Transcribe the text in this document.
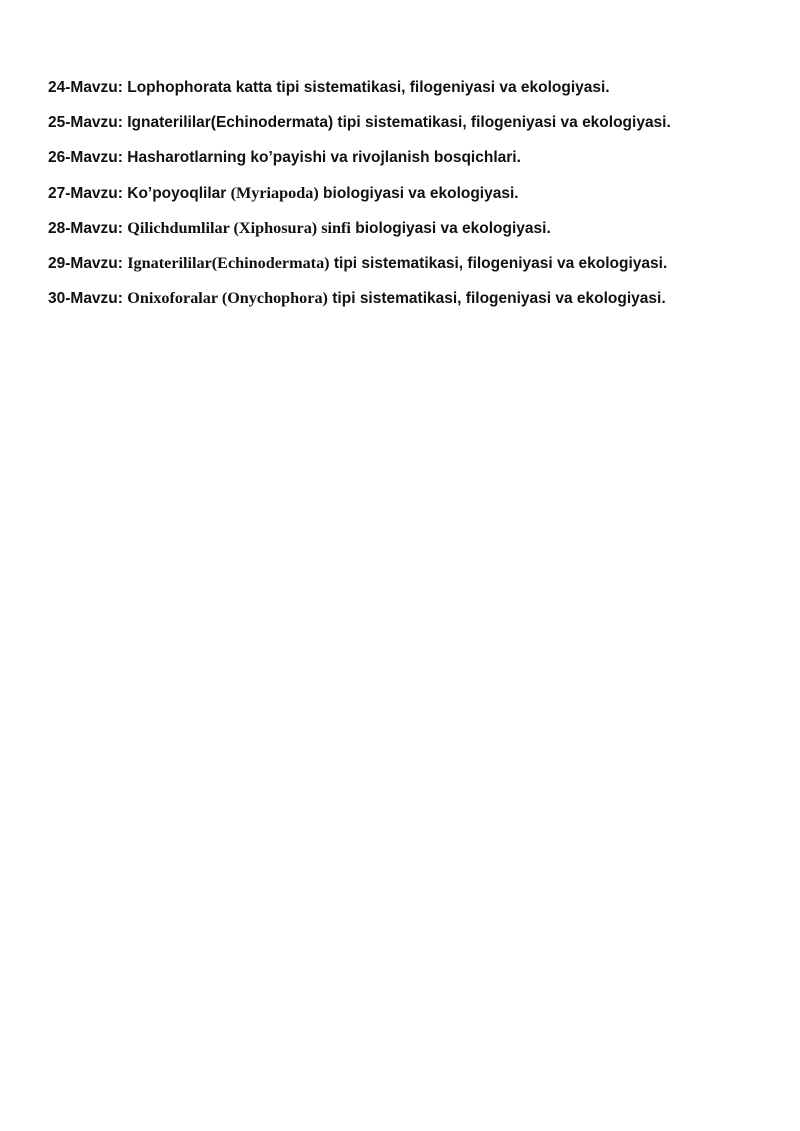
24-Mavzu: Lophophorata katta tipi sistematikasi, filogeniyasi va ekologiyasi.
25-Mavzu: Ignaterililar(Echinodermata) tipi sistematikasi, filogeniyasi va ekologiyasi.
26-Mavzu: Hasharotlarning ko’payishi va rivojlanish bosqichlari.
27-Mavzu: Ko’poyoqlilar (Myriapoda) biologiyasi va ekologiyasi.
28-Mavzu: Qilichdumlilar (Xiphosura) sinfi biologiyasi va ekologiyasi.
29-Mavzu: Ignaterililar(Echinodermata) tipi sistematikasi, filogeniyasi va ekologiyasi.
30-Mavzu: Onixoforalar (Onychophora) tipi sistematikasi, filogeniyasi va ekologiyasi.
